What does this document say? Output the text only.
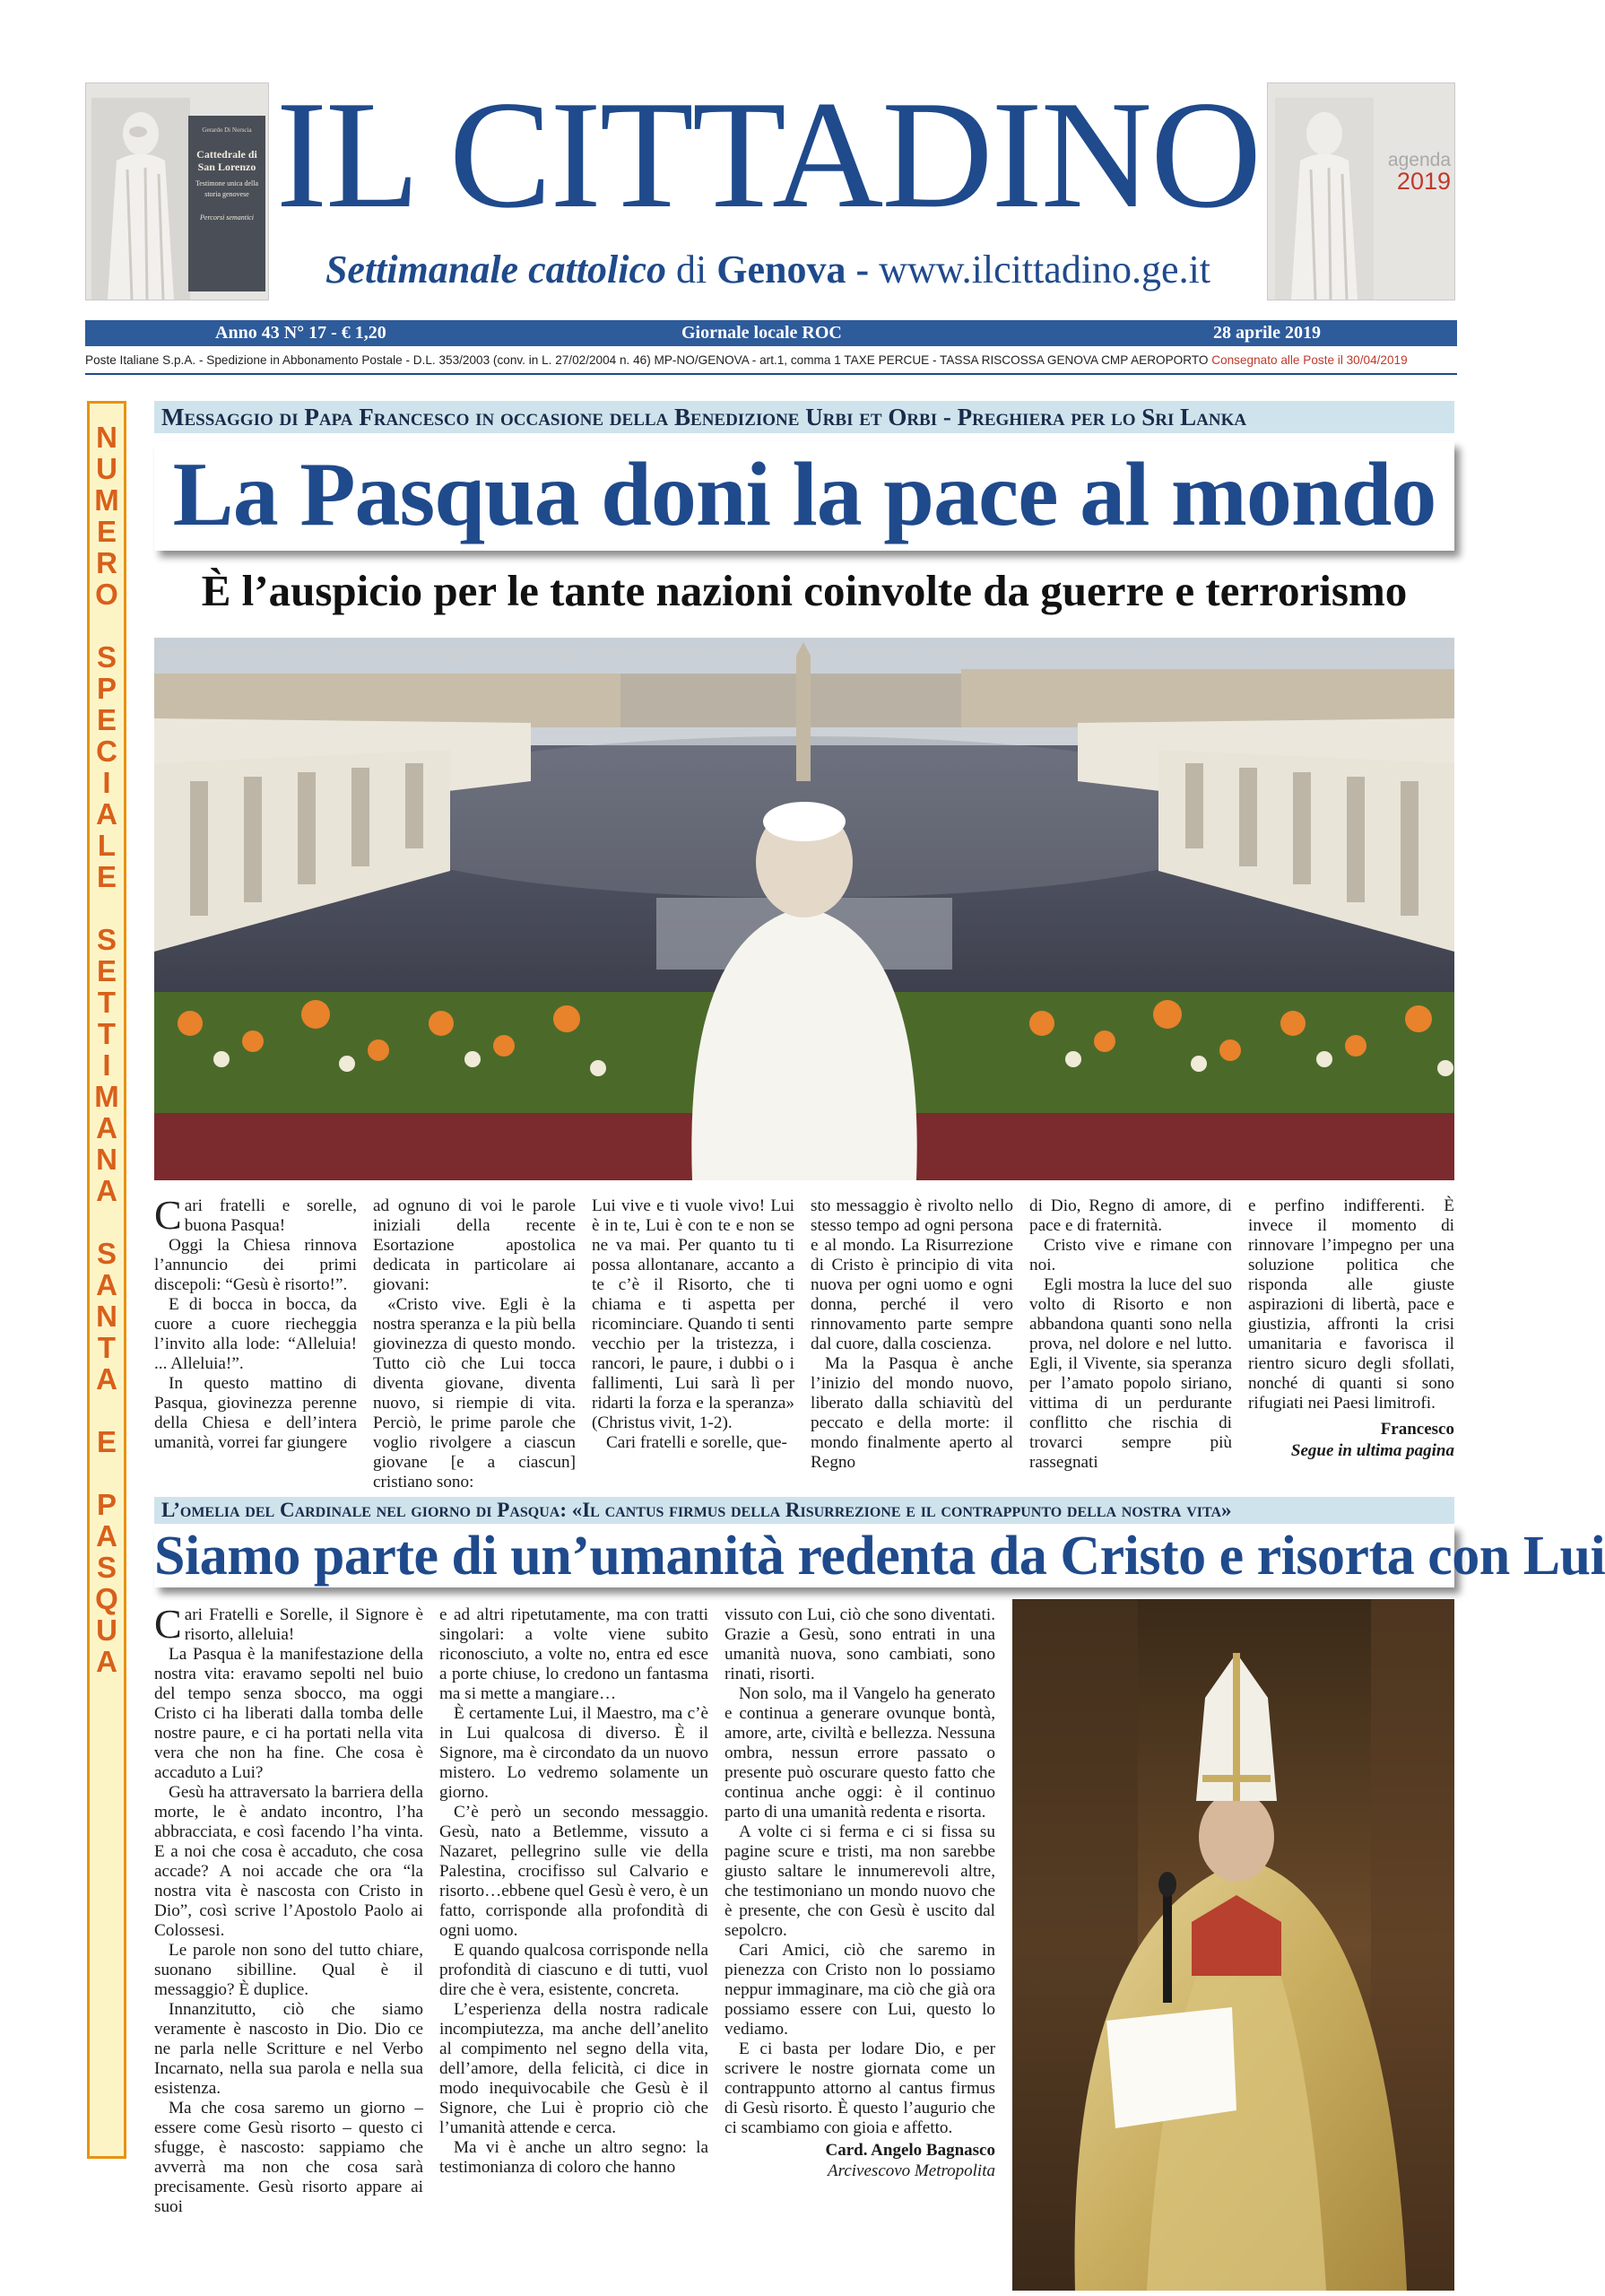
Gerardo Di Norscia
Cattedrale di San Lorenzo
Testimone unica della storia genovese
Percorsi semantici IL CITTADINO
Settimanale cattolico di Genova - www.ilcittadino.ge.it
agenda
2019
Anno 43 N° 17 - € 1,20	Giornale locale ROC	28 aprile 2019
Poste Italiane S.p.A. - Spedizione in Abbonamento Postale - D.L. 353/2003 (conv. in L. 27/02/2004 n. 46) MP-NO/GENOVA - art.1, comma 1 TAXE PERCUE - TASSA RISCOSSA GENOVA CMP AEROPORTO Consegnato alle Poste il 30/04/2019
N
U
M
E
R
O
S
P
E
C
I
A
L
E
S
E
T
T
I
M
A
N
A
S
A
N
T
A
E
P
A
S
Q
U
A
Messaggio di Papa Francesco in occasione della Benedizione Urbi et Orbi - Preghiera per lo Sri Lanka
La Pasqua doni la pace al mondo
È l’auspicio per le tante nazioni coinvolte da guerre e terrorismo

Cari fratelli e sorelle, buona Pasqua!

Oggi la Chiesa rinnova l’annuncio dei primi discepoli: “Gesù è risorto!”.

E di bocca in bocca, da cuore a cuore riecheggia l’invito alla lode: “Alleluia! ... Alleluia!”.

In questo mattino di Pasqua, giovinezza perenne della Chiesa e dell’intera umanità, vorrei far giungere

ad ognuno di voi le parole iniziali della recente Esortazione apostolica dedicata in particolare ai giovani:

«Cristo vive. Egli è la nostra speranza e la più bella giovinezza di questo mondo. Tutto ciò che Lui tocca diventa giovane, diventa nuovo, si riempie di vita. Perciò, le prime parole che voglio rivolgere a ciascun giovane [e a ciascun] cristiano sono:

Lui vive e ti vuole vivo! Lui è in te, Lui è con te e non se ne va mai. Per quanto tu ti possa allontanare, accanto a te c’è il Risorto, che ti chiama e ti aspetta per ricominciare. Quando ti senti vecchio per la tristezza, i rancori, le paure, i dubbi o i fallimenti, Lui sarà lì per ridarti la forza e la speranza» (Christus vivit, 1-2).

Cari fratelli e sorelle, que-

sto messaggio è rivolto nello stesso tempo ad ogni persona e al mondo. La Risurrezione di Cristo è principio di vita nuova per ogni uomo e ogni donna, perché il vero rinnovamento parte sempre dal cuore, dalla coscienza.

Ma la Pasqua è anche l’inizio del mondo nuovo, liberato dalla schiavitù del peccato e della morte: il mondo finalmente aperto al Regno

di Dio, Regno di amore, di pace e di fraternità.

Cristo vive e rimane con noi.

Egli mostra la luce del suo volto di Risorto e non abbandona quanti sono nella prova, nel dolore e nel lutto. Egli, il Vivente, sia speranza per l’amato popolo siriano, vittima di un perdurante conflitto che rischia di trovarci sempre più rassegnati

e perfino indifferenti. È invece il momento di rinnovare l’impegno per una soluzione politica che risponda alle giuste aspirazioni di libertà, pace e giustizia, affronti la crisi umanitaria e favorisca il rientro sicuro degli sfollati, nonché di quanti si sono rifugiati nei Paesi limitrofi.

Francesco
Segue in ultima pagina
L’omelia del Cardinale nel giorno di Pasqua: «Il cantus firmus della Risurrezione e il contrappunto della nostra vita»
Siamo parte di un’umanità redenta da Cristo e risorta con Lui

Cari Fratelli e Sorelle, il Signore è risorto, alleluia!

La Pasqua è la manifestazione della nostra vita: eravamo sepolti nel buio del tempo senza sbocco, ma oggi Cristo ci ha liberati dalla tomba delle nostre paure, e ci ha portati nella vita vera che non ha fine. Che cosa è accaduto a Lui?

Gesù ha attraversato la barriera della morte, le è andato incontro, l’ha abbracciata, e così facendo l’ha vinta. E a noi che cosa è accaduto, che cosa accade? A noi accade che ora “la nostra vita è nascosta con Cristo in Dio”, così scrive l’Apostolo Paolo ai Colossesi.

Le parole non sono del tutto chiare, suonano sibilline. Qual è il messaggio? È duplice.

Innanzitutto, ciò che siamo veramente è nascosto in Dio. Dio ce ne parla nelle Scritture e nel Verbo Incarnato, nella sua parola e nella sua esistenza.

Ma che cosa saremo un giorno – essere come Gesù risorto – questo ci sfugge, è nascosto: sappiamo che avverrà ma non che cosa sarà precisamente. Gesù risorto appare ai suoi

e ad altri ripetutamente, ma con tratti singolari: a volte viene subito riconosciuto, a volte no, entra ed esce a porte chiuse, lo credono un fantasma ma si mette a mangiare…

È certamente Lui, il Maestro, ma c’è in Lui qualcosa di diverso. È il Signore, ma è circondato da un nuovo mistero. Lo vedremo solamente un giorno.

C’è però un secondo messaggio. Gesù, nato a Betlemme, vissuto a Nazaret, pellegrino sulle vie della Palestina, crocifisso sul Calvario e risorto…ebbene quel Gesù è vero, è un fatto, corrisponde alla profondità di ogni uomo.

E quando qualcosa corrisponde nella profondità di ciascuno e di tutti, vuol dire che è vera, esistente, concreta.

L’esperienza della nostra radicale incompiutezza, ma anche dell’anelito al compimento nel segno della vita, dell’amore, della felicità, ci dice in modo inequivocabile che Gesù è il Signore, che Lui è proprio ciò che l’umanità attende e cerca.

Ma vi è anche un altro segno: la testimonianza di coloro che hanno

vissuto con Lui, ciò che sono diventati. Grazie a Gesù, sono entrati in una umanità nuova, sono cambiati, sono rinati, risorti.

Non solo, ma il Vangelo ha generato e continua a generare ovunque bontà, amore, arte, civiltà e bellezza. Nessuna ombra, nessun errore passato o presente può oscurare questo fatto che continua anche oggi: è il continuo parto di una umanità redenta e risorta.

A volte ci si ferma e ci si fissa su pagine scure e tristi, ma non sarebbe giusto saltare le innumerevoli altre, che testimoniano un mondo nuovo che è presente, che con Gesù è uscito dal sepolcro.

Cari Amici, ciò che saremo in pienezza con Cristo non lo possiamo neppur immaginare, ma ciò che già ora possiamo essere con Lui, questo lo vediamo.

E ci basta per lodare Dio, e per scrivere le nostre giornata come un contrappunto attorno al cantus firmus di Gesù risorto. È questo l’augurio che ci scambiamo con gioia e affetto.

Card. Angelo Bagnasco
Arcivescovo Metropolita
